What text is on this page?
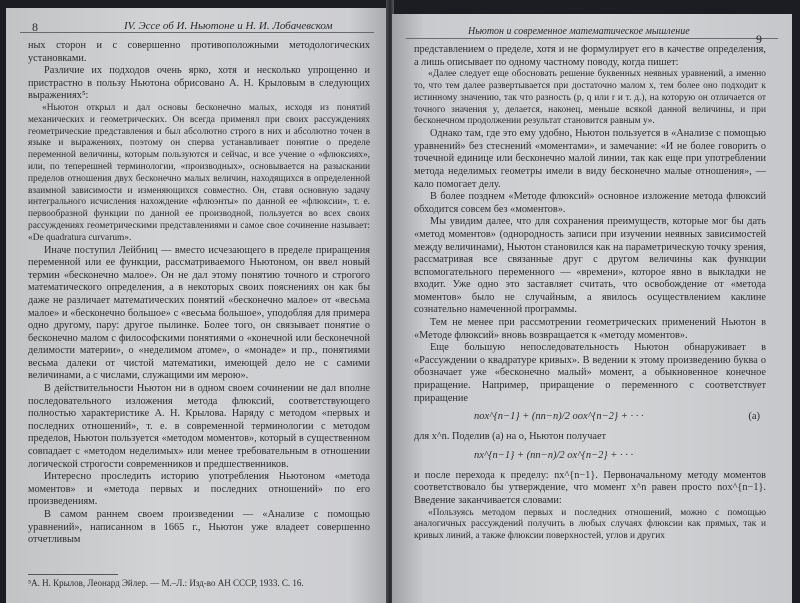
8	IV. Эссе об И. Ньютоне и Н. И. Лобачевском

ных сторон и с совершенно противоположными методологических установками.

Различие их подходов очень ярко, хотя и несколько упрощенно и пристрастно в пользу Ньютона обрисовано А. Н. Крыловым в следующих выражениях⁵:

«Ньютон открыл и дал основы бесконечно малых, исходя из понятий механических и геометрических. Он всегда применял при своих рассуждениях геометрические представления и был абсолютно строго в них и абсолютно точен в языке и выражениях, поэтому он сперва устанавливает понятие о пределе переменной величины, которым пользуются и сейчас, и все учение о «флюксиях», или, по теперешней терминологии, «производных», основывается на разыскании пределов отношения двух бесконечно малых величин, находящихся в определенной взаимной зависимости и изменяющихся совместно. Он, ставя основную задачу интегрального исчисления нахождение «флюэнты» по данной ее «флюксии», т. е. первообразной функции по данной ее производной, пользуется во всех своих рассуждениях геометрическими представлениями и самое свое сочинение называет: «De quadratura curvarum».

Иначе поступил Лейбниц — вместо исчезающего в пределе приращения переменной или ее функции, рассматриваемого Ньютоном, он ввел новый термин «бесконечно малое». Он не дал этому понятию точного и строгого математического определения, а в некоторых своих пояснениях он как бы даже не различает математических понятий «бесконечно малое» от «весьма малое» и «бесконечно большое» с «весьма большое», уподобляя для примера одно другому, пару: другое пылинке. Более того, он связывает понятие о бесконечно малом с философскими понятиями о «конечной или бесконечной делимости материи», о «неделимом атоме», о «монаде» и пр., понятиями весьма далеки от чистой математики, имеющей дело не с самими величинами, а с числами, служащими им мерою».

В действительности Ньютон ни в одном своем сочинении не дал вполне последовательного изложения метода флюксий, соответствующего полностью характеристике А. Н. Крылова. Наряду с методом «первых и последних отношений», т. е. в современной терминологии с методом пределов, Ньютон пользуется «методом моментов», который в существенном совпадает с «методом неделимых» или менее требовательным в отношении логической строгости современников и предшественников.

Интересно проследить историю употребления Ньютоном «метода моментов» и «метода первых и последних отношений» по его произведениям.

В самом раннем своем произведении — «Анализе с помощью уравнений», написанном в 1665 г., Ньютон уже владеет совершенно отчетливым

⁵А. Н. Крылов, Леонард Эйлер. — М.–Л.: Изд-во АН СССР, 1933. С. 16.
Ньютон и современное математическое мышление
9

представлением о пределе, хотя и не формулирует его в качестве определения, а лишь описывает по одному частному поводу, когда пишет:

«Далее следует еще обосновать решение буквенных неявных уравнений, а именно то, что тем далее развертывается при достаточно малом x, тем более оно подходит к истинному значению, так что разность (p, q или r и т. д.), на которую он отличается от точного значения y, делается, наконец, меньше всякой данной величины, и при бесконечном продолжении результат становится равным y».

Однако там, где это ему удобно, Ньютон пользуется в «Анализе с помощью уравнений» без стеснений «моментами», и замечание: «И не более говорить о точечной единице или бесконечно малой линии, так как еще при употреблении метода неделимых геометры имели в виду бесконечно малые отношения», — кало помогает делу.

В более позднем «Методе флюксий» основное изложение метода флюксий обходится совсем без «моментов».

Мы увидим далее, что для сохранения преимуществ, которые мог бы дать «метод моментов» (однородность записи при изучении неявных зависимостей между величинами), Ньютон становился как на параметрическую точку зрения, рассматривая все связанные друг с другом величины как функции вспомогательного переменного — «времени», которое явно в выкладки не входит. Уже одно это заставляет считать, что освобождение от «метода моментов» было не случайным, а явилось осуществлением каклине сознательно намеченной программы.

Тем не менее при рассмотрении геометрических применений Ньютон в «Методе флюксий» вновь возвращается к «методу моментов».

Еще большую непоследовательность Ньютон обнаруживает в «Рассуждении о квадратуре кривых». В ведении к этому произведению буква o обозначает уже «бесконечно малый» момент, а обыкновенное конечное приращение. Например, приращение о переменного с соответствует приращение

nox^{n−1} + (nn−n)/2 oox^{n−2} + · · ·	(a)

для x^n. Поделив (a) на o, Ньютон получает

nx^{n−1} + (nn−n)/2 ox^{n−2} + · · ·

и после перехода к пределу: nx^{n−1}. Первоначальному методу моментов соответствовало бы утверждение, что момент x^n равен просто nox^{n−1}. Введение заканчивается словами:

«Пользуясь методом первых и последних отношений, можно с помощью аналогичных рассуждений получить в любых случаях флюксии как прямых, так и кривых линий, а также флюксии поверхностей, углов и других
